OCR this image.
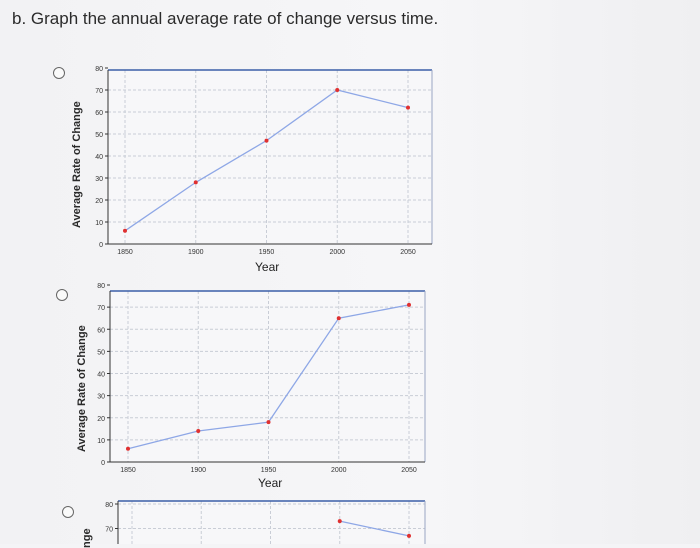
b. Graph the annual average rate of change versus time.
Average Rate of Change
Average Rate of Change
nge
Year
Year
0
10
20
30
40
50
60
70
80
1850	1900	1950	2000	2050
0
10
20
30
40
50
60
70
80
1850	1900	1950	2000	2050
70
80
